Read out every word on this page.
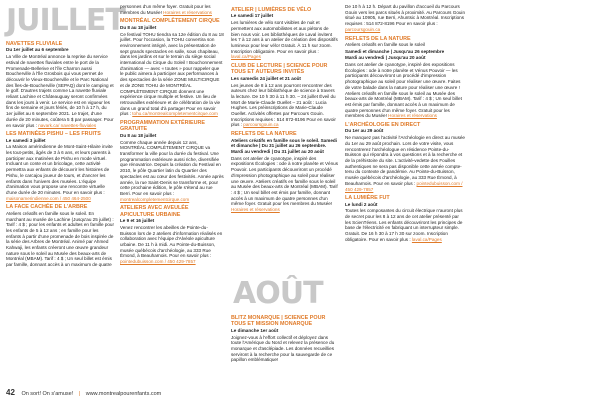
JUILLET
NAVETTES FLUVIALE

Du 1er juillet au 6 septembre

La Ville de Montréal annonce la reprise du service estival de navettes fluviales entre le port de la Promenade-Bellerive et l'île Charron aussi Boucherville à l'Île Grosbois qui vous permet de découvrir le Vieux-Boucherville et le Parc National des Îles-de-Boucherville (SEPAQ) dont le camping et le golf. D'autres trajets comme La navette fluviale reliant Lachine et Châteauguay seront confirmées dans les jours à venir. Le service est en vigueur les fins de semaine et jours fériés, de 10 h à 17 h, du 1er juillet au 6 septembre 2021. Le trajet, d'une durée de 20 minutes, coûtera 5 $ par passager. Pour en savoir plus : navark.ca/ navettes-fluviales

LES MATINÉES PISHU – LES FRUITS

Le samedi 3 juillet

La Maison amérindienne de Mont-Saint-Hilaire invite les tout-petits, âgés de 3 à 6 ans, et leurs parents à participer aux matinées de Pishu en mode virtuel. Incluant un conte et un bricolage, cette activité permettra aux enfants de découvrir les histoires de Pishu, le carcajou joueur de tours, et d'ancrer les enfants dans l'univers des musées. L'équipe d'animation vous propose une rencontre virtuelle d'une durée de 20 minutes. Pour en savoir plus : maisonamerindienne.com / 450 464-2500

LA FACE CACHÉE DE L'ARBRE

Ateliers créatifs en famille sous le soleil. En marchant au musée de Lachine (Jusqu'au 25 juillet) : Tarif : 4 $ ; pour les enfants et adultes en famille pour les enfants de 5 à 12 ans ; en famille pour les enfants à partir d'une promenade de bois inspirée de la série des Arbres de Montréal. Animé par Ahmed Kahwaji, les enfants créeront une œuvre grandeur nature sous le soleil au Musée des beaux-arts de Montréal (MBAM). Tarif : 4 $ ; Un seul billet est émis par famille, donnant accès à un maximum de quatre

personnes d'un même foyer. Gratuit pour les membres du Musée! Horaires et réservations

MONTRÉAL COMPLÈTEMENT CIRQUE

Du 8 au 18 juillet

Ce festival TOHU tiendra sa 12e édition du 8 au 18 juillet. Pour l'occasion, la TOHU convertira son environnement intégré, avec la présentation de sept grands spectacles en salle, sous chapiteau, dans les jardins et sur le terrain du siège social international du Cirque du Soleil ! Bouchonnement d'animation — avec « toutes » pour rappeler que le public aimera à participer aux performances à des spectacles de la série ZONE MULTICIRQUE et de ZONE TOHU de MONTRÉAL COMPLÈTEMENT CIRQUE donnent une expérience cirque multiple et festive. Un lieu de retrouvailles extérieure et de célébration de la vie dans un grand total d'à partage! Pour en savoir plus : tohu.ca/montrealcompletementcirque.com

PROGRAMMATION EXTÉRIEURE GRATUITE

Du 8 au 18 juillet

Comme chaque année depuis 12 ans, MONTRÉAL COMPLÈTEMENT CIRQUE va transformer la ville pour la durée du festival. Une programmation extérieure aussi riche, diversifiée que rénovatrice. Depuis la création du Festival en 2010, le pôle Quartier latin du Quartier des spectacles est au cœur des festivités. Année après année, la rue Saint-Denis se transforme et, pour cette prochaine édition, le pôle s'étend au rue Berri. Pour en savoir plus : montrealcompletementcirque.com

ATELIERS AVEC AVEULÉE APICULTURE URBAINE

Le 9 et 16 juillet

Venez rencontrer les abeilles de Pointe-du-Buisson lors de 2 ateliers d'information réalisés en collaboration avec l'équipe d'Alvéole apiculture urbaine. De 11 h à midi. Au Pointe-du-Buisson, musée québécois d'archéologie, au 333 Rue Émond, à Beauharnois. Pour en savoir plus : pointedubuisson.com / 450 429-7857

ATELIER | LUMIÈRES DE VÉLO

Le samedi 17 juillet

Les lumières de vélo sont visibles de nuit et permettent aux automobilistes et aux piétons de bien nous voir. Les bibliothèques de Laval invitent les 7 à 12 ans à un atelier de création des dispositifs lumineux pour leur vélo! Gratuit. À 11 h sur zoom. Inscription obligatoire. Pour en savoir plus : laval.ca/Pages

CLUB DE LECTURE | SCIENCE POUR TOUS ET AUTEURS INVITÉS

Les samedis 24 juillet et 21 août

Les jeunes de 8 à 12 ans pourront rencontrer des auteurs chez leur bibliothèque de science à travers la lecture. De 10 h 30 à 11 h 30. – 24 juillet Éveil du Mort de Marie-Claude Ouellet – 21 août : Lucia Hughes. Les préinscriptions de Marie-Claude Ouellet. Activités offertes par Parcours Gouin. Inscriptions requises : 514 872-8196 Pour en savoir plus : parcoursgouin.ca

REFLETS DE LA NATURE

Ateliers créatifs en famille sous le soleil. Samedi et dimanche | Du 31 juillet au 26 septembre. Mardi au vendredi | Du 31 juillet au 20 août

Dans cet atelier de cyanotype, inspiré des expositions Écologies : ode à notre planète et Vénus Pouvoir. Les participants découvriront un procédé d'impression photographique au soleil pour réaliser une œuvre. Ateliers créatifs en famille sous le soleil au Musée des beaux-arts de Montréal (MBAM). Tarif : 4 $ ; Un seul billet est émis par famille, donnant accès à un maximum de quatre personnes d'un même foyer. Gratuit pour les membres du Musée! Horaires et réservations

AOÛT
BLITZ MONARQUE | SCIENCE POUR TOUS ET MISSION MONARQUE

Le dimanche 1er août

Joignez-vous à l'effort collectif et déployez dans toute l'Amérique du Nord et relevez la présence du monarque et d'asclépiade. Les données recueillies serviront à la recherche pour la sauvegarde de ce papillon emblématique!

De 10 h à 12 h. Départ du pavillon d'accueil du Parcours Gouin vers les parcs situés à proximité. Au Parcours Gouin situé au 10905, rue Berri, Ahuntsic à Montréal. Inscriptions requises : 514 872-8196 Pour en savoir plus : parcoursgouin.ca

REFLETS DE LA NATURE

Ateliers créatifs en famille sous le soleil

Samedi et dimanche | Jusqu'au 26 septembre

Mardi au vendredi | Jusqu'au 20 août

Dans cet atelier de cyanotype, inspiré des expositions Écologies : ode à notre planète et Vénus Pouvoir — les participants découvriront un procédé d'impression photographique au soleil pour réaliser une œuvre. Faites de votre balade dans la nature pour réaliser une œuvre ! Ateliers créatifs en famille sous le soleil au Musée des beaux-arts de Montréal (MBAM). Tarif : 4 $ ; Un seul billet est émis par famille, donnant accès à un maximum de quatre personnes d'un même foyer. Gratuit pour les membres du Musée! Horaires et réservations

L'ARCHÉOLOGIE EN DIRECT

Du 1er au 29 août

Ne manquez pas l'activité l'Archéologie en direct au musée du 1er au 29 août prochain. Lors de votre visite, vous rencontrerez l'archéologue en résidence Pointe-du-Buisson qui répondra à vos questions et à la recherche et de la préhistoire du site. L'activité-vedette des Fouilles authentiques ne sera pas disponible cette année compte-tenu du contexte de pandémie. Au Pointe-du-Buisson, musée québécois d'archéologie, au 333 Rue Émond, à Beauharnois. Pour en savoir plus : pointedubuisson.com / 450 429-7857

LA LUMIÈRE FUT

Le lundi 2 août

Toutes les composantes du circuit électrique n'auront plus de secret pour les 8 à 12 ans de cet atelier présenté par les ScienTéens. Les enfants découvriront les principes de base de l'électricité en fabriquant un interrupteur simple. Gratuit. De 16 h 30 à 17 h 30 sur zoom. Inscription obligatoire. Pour en savoir plus : laval.ca/Pages

42 On sort! On s'amuse! | www.montrealpourenfants.com
